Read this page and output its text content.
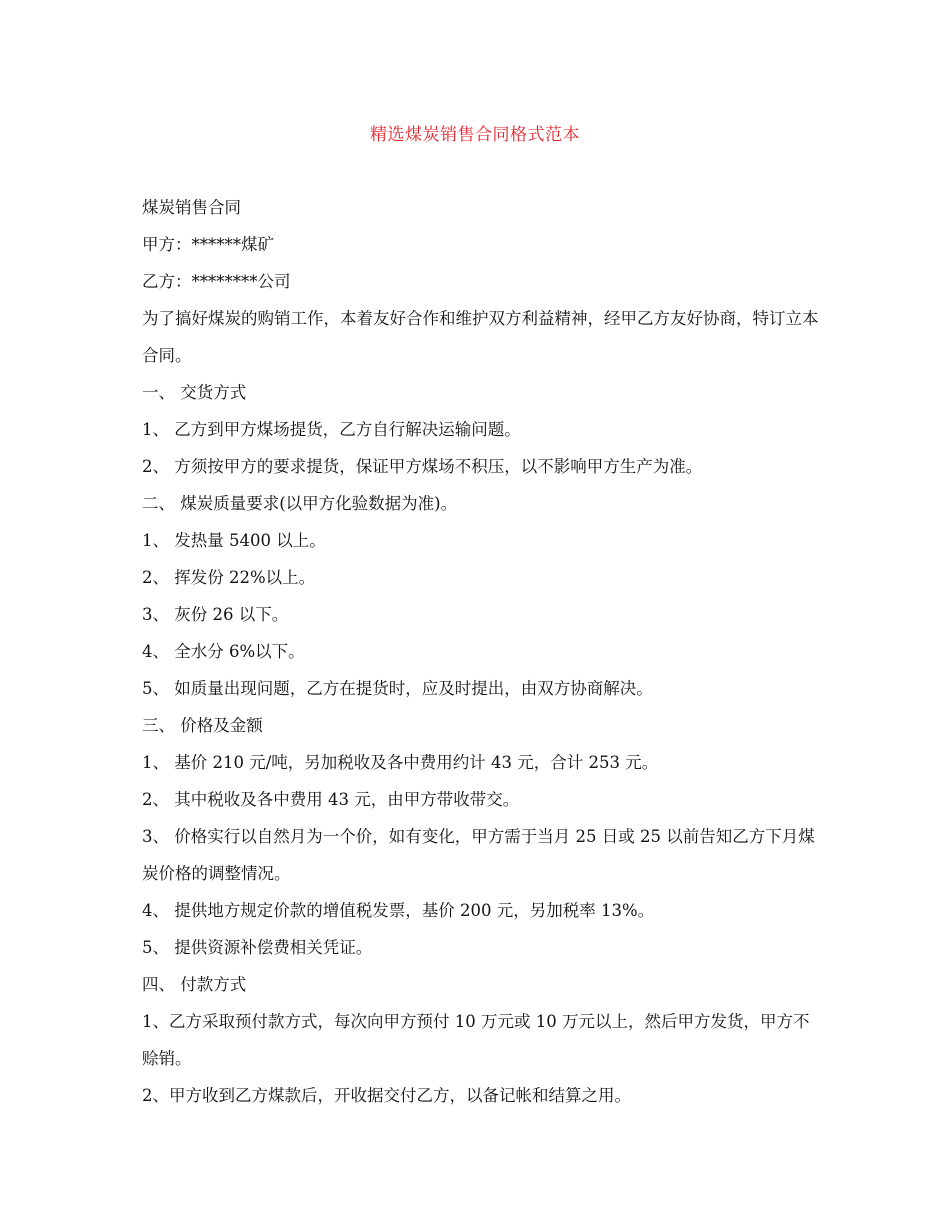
精选煤炭销售合同格式范本

煤炭销售合同

甲方：******煤矿

乙方：********公司

为了搞好煤炭的购销工作，本着友好合作和维护双方利益精神，经甲乙方友好协商，特订立本合同。

一、 交货方式

1、 乙方到甲方煤场提货，乙方自行解决运输问题。

2、 方须按甲方的要求提货，保证甲方煤场不积压，以不影响甲方生产为准。

二、 煤炭质量要求(以甲方化验数据为准)。

1、 发热量 5400 以上。

2、 挥发份 22%以上。

3、 灰份 26 以下。

4、 全水分 6%以下。

5、 如质量出现问题，乙方在提货时，应及时提出，由双方协商解决。

三、 价格及金额

1、 基价 210 元/吨，另加税收及各中费用约计 43 元，合计 253 元。

2、 其中税收及各中费用 43 元，由甲方带收带交。

3、 价格实行以自然月为一个价，如有变化，甲方需于当月 25 日或 25 以前告知乙方下月煤炭价格的调整情况。

4、 提供地方规定价款的增值税发票，基价 200 元，另加税率 13%。

5、 提供资源补偿费相关凭证。

四、 付款方式

1、乙方采取预付款方式，每次向甲方预付 10 万元或 10 万元以上，然后甲方发货，甲方不赊销。

2、甲方收到乙方煤款后，开收据交付乙方，以备记帐和结算之用。
